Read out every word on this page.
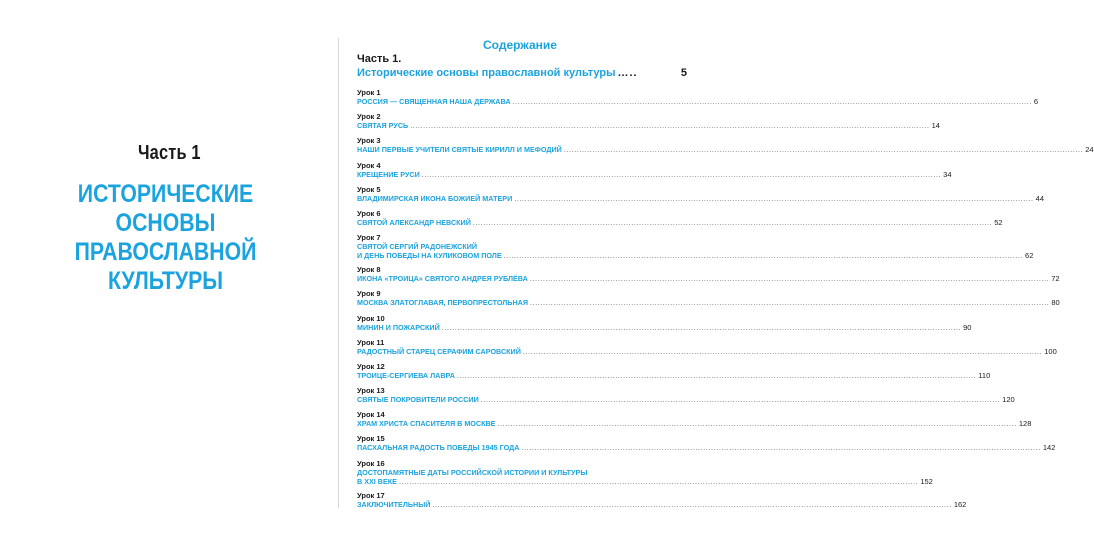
Часть 1
ИСТОРИЧЕСКИЕ ОСНОВЫ
ПРАВОСЛАВНОЙ КУЛЬТУРЫ
Содержание
Часть 1.
Исторические основы православной культуры …..	5
Урок 1
РОССИЯ — СВЯЩЕННАЯ НАША ДЕРЖАВА ........................................................................................................................................................................................................ 6
Урок 2
СВЯТАЯ РУСЬ ........................................................................................................................................................................................................ 14
Урок 3
НАШИ ПЕРВЫЕ УЧИТЕЛИ СВЯТЫЕ КИРИЛЛ И МЕФОДИЙ ........................................................................................................................................................................................................ 24
Урок 4
КРЕЩЕНИЕ РУСИ ........................................................................................................................................................................................................ 34
Урок 5
ВЛАДИМИРСКАЯ ИКОНА БОЖИЕЙ МАТЕРИ ........................................................................................................................................................................................................ 44
Урок 6
СВЯТОЙ АЛЕКСАНДР НЕВСКИЙ ........................................................................................................................................................................................................ 52
Урок 7
СВЯТОЙ СЕРГИЙ РАДОНЕЖСКИЙ
И ДЕНЬ ПОБЕДЫ НА КУЛИКОВОМ ПОЛЕ ........................................................................................................................................................................................................ 62
Урок 8
ИКОНА «ТРОИЦА» СВЯТОГО АНДРЕЯ РУБЛЁВА ........................................................................................................................................................................................................ 72
Урок 9
МОСКВА ЗЛАТОГЛАВАЯ, ПЕРВОПРЕСТОЛЬНАЯ ........................................................................................................................................................................................................ 80
Урок 10
МИНИН И ПОЖАРСКИЙ ........................................................................................................................................................................................................ 90
Урок 11
РАДОСТНЫЙ СТАРЕЦ СЕРАФИМ САРОВСКИЙ ........................................................................................................................................................................................................ 100
Урок 12
ТРОИЦЕ-СЕРГИЕВА ЛАВРА ........................................................................................................................................................................................................ 110
Урок 13
СВЯТЫЕ ПОКРОВИТЕЛИ РОССИИ ........................................................................................................................................................................................................ 120
Урок 14
ХРАМ ХРИСТА СПАСИТЕЛЯ В МОСКВЕ ........................................................................................................................................................................................................ 128
Урок 15
ПАСХАЛЬНАЯ РАДОСТЬ ПОБЕДЫ 1945 ГОДА ........................................................................................................................................................................................................ 142
Урок 16
ДОСТОПАМЯТНЫЕ ДАТЫ РОССИЙСКОЙ ИСТОРИИ И КУЛЬТУРЫ
В XXI ВЕКЕ ........................................................................................................................................................................................................ 152
Урок 17
ЗАКЛЮЧИТЕЛЬНЫЙ ........................................................................................................................................................................................................ 162
